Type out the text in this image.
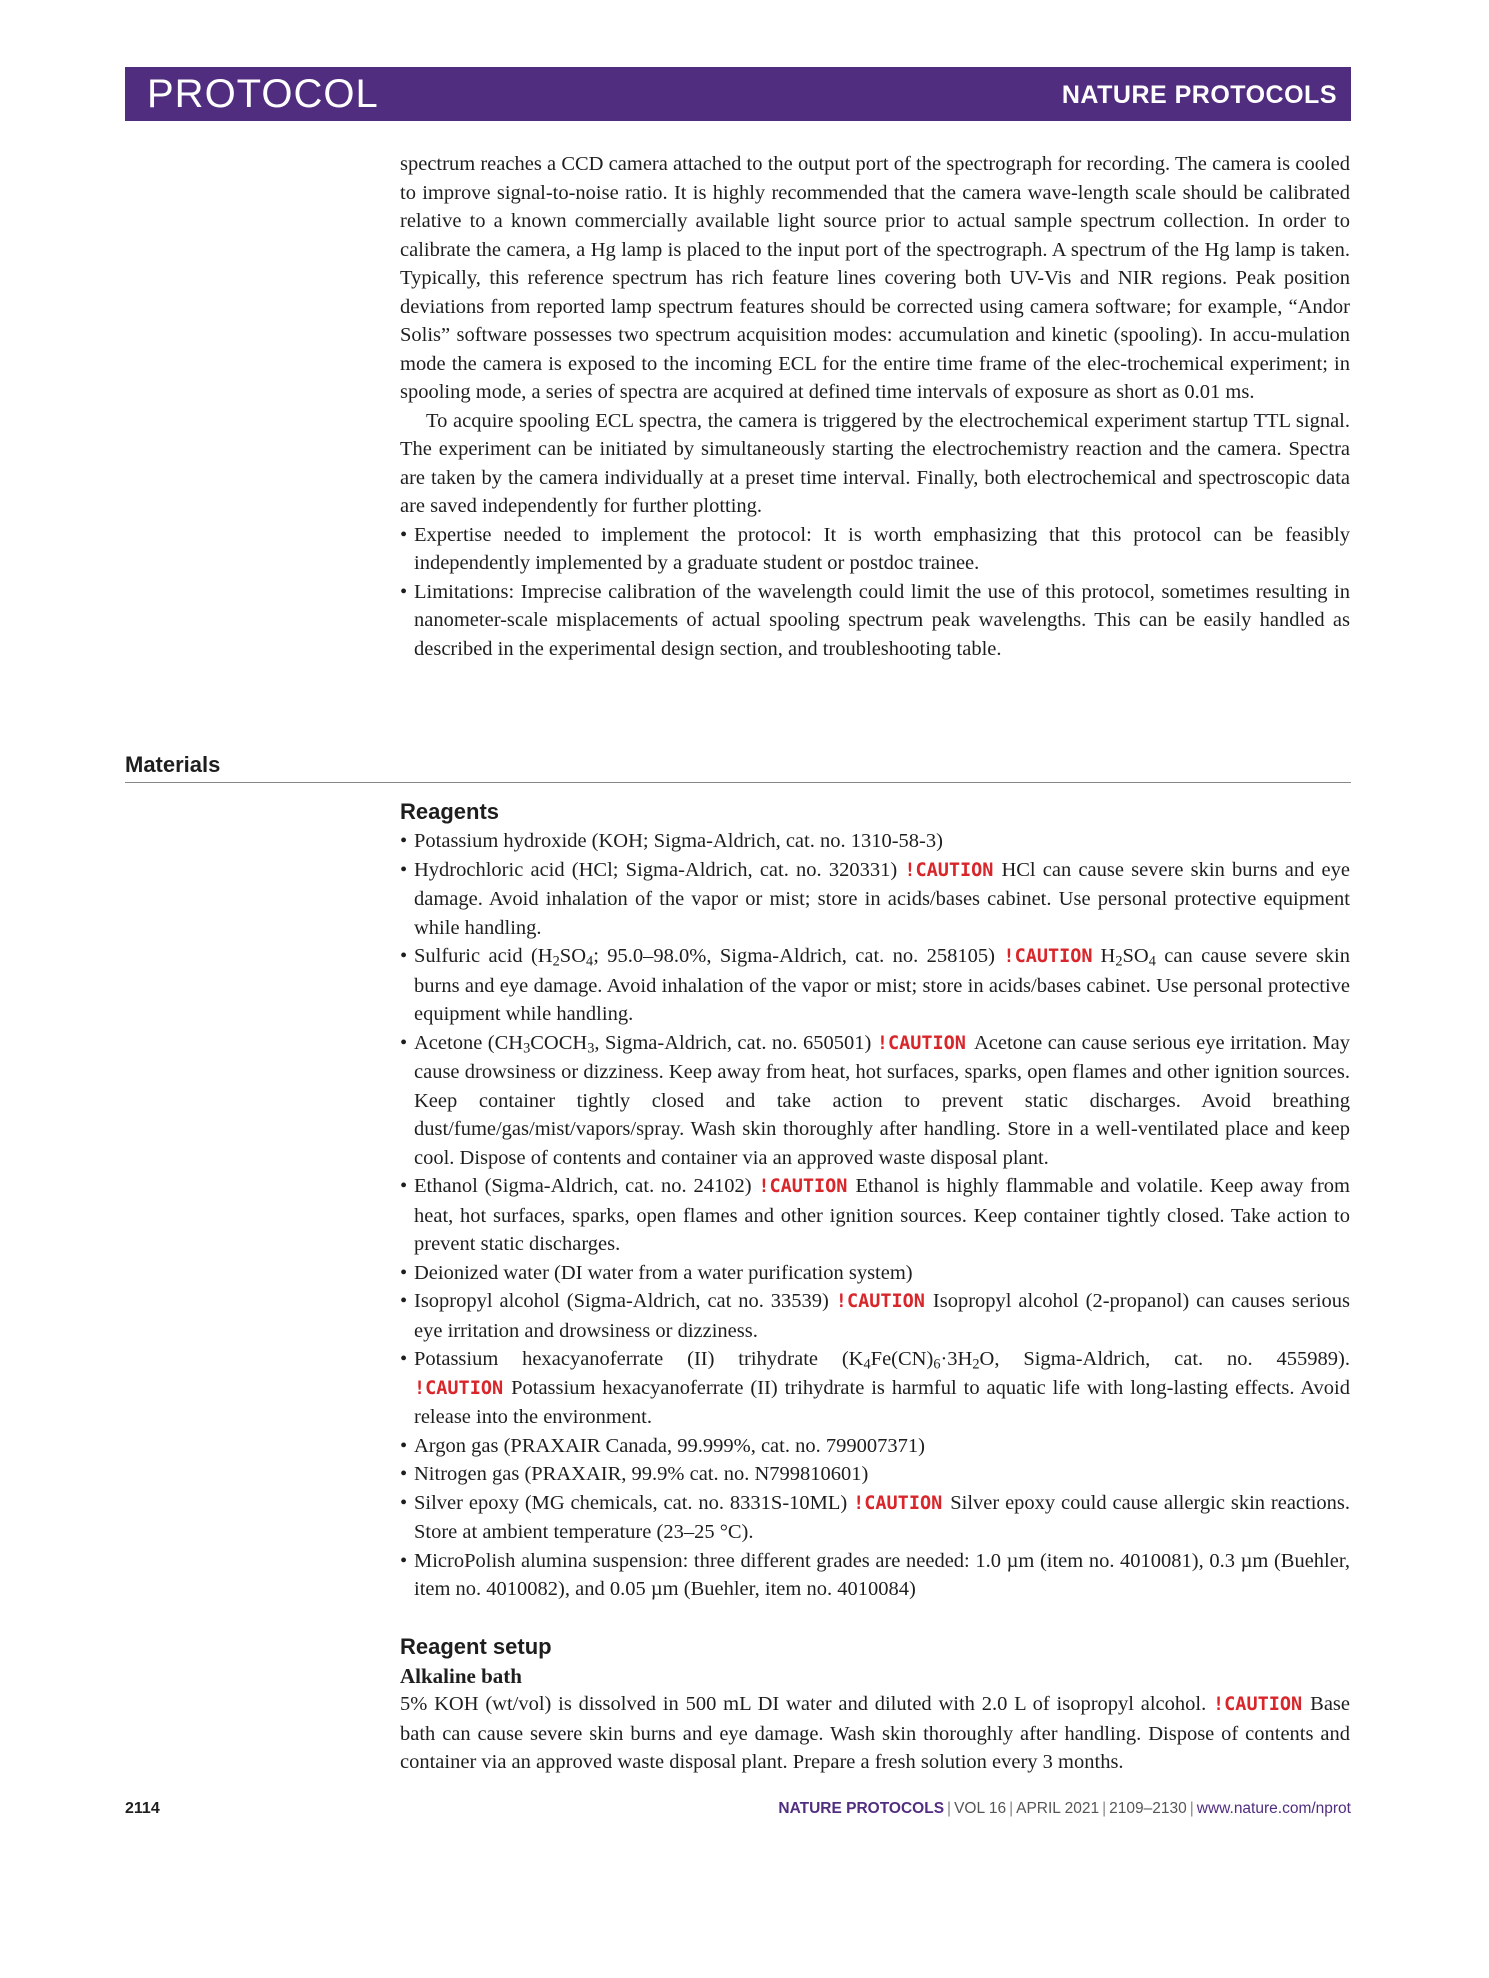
PROTOCOL	NATURE PROTOCOLS

spectrum reaches a CCD camera attached to the output port of the spectrograph for recording. The camera is cooled to improve signal-to-noise ratio. It is highly recommended that the camera wave-length scale should be calibrated relative to a known commercially available light source prior to actual sample spectrum collection. In order to calibrate the camera, a Hg lamp is placed to the input port of the spectrograph. A spectrum of the Hg lamp is taken. Typically, this reference spectrum has rich feature lines covering both UV-Vis and NIR regions. Peak position deviations from reported lamp spectrum features should be corrected using camera software; for example, “Andor Solis” software possesses two spectrum acquisition modes: accumulation and kinetic (spooling). In accu-mulation mode the camera is exposed to the incoming ECL for the entire time frame of the elec-trochemical experiment; in spooling mode, a series of spectra are acquired at defined time intervals of exposure as short as 0.01 ms.

To acquire spooling ECL spectra, the camera is triggered by the electrochemical experiment startup TTL signal. The experiment can be initiated by simultaneously starting the electrochemistry reaction and the camera. Spectra are taken by the camera individually at a preset time interval. Finally, both electrochemical and spectroscopic data are saved independently for further plotting.

• Expertise needed to implement the protocol: It is worth emphasizing that this protocol can be feasibly independently implemented by a graduate student or postdoc trainee.
• Limitations: Imprecise calibration of the wavelength could limit the use of this protocol, sometimes resulting in nanometer-scale misplacements of actual spooling spectrum peak wavelengths. This can be easily handled as described in the experimental design section, and troubleshooting table.
Materials
Reagents
• Potassium hydroxide (KOH; Sigma-Aldrich, cat. no. 1310-58-3)
• Hydrochloric acid (HCl; Sigma-Aldrich, cat. no. 320331) !CAUTION HCl can cause severe skin burns and eye damage. Avoid inhalation of the vapor or mist; store in acids/bases cabinet. Use personal protective equipment while handling.
• Sulfuric acid ($H_2SO_4$; 95.0–98.0%, Sigma-Aldrich, cat. no. 258105) !CAUTION $H_2SO_4$ can cause severe skin burns and eye damage. Avoid inhalation of the vapor or mist; store in acids/bases cabinet. Use personal protective equipment while handling.
• Acetone ($CH_3COCH_3$, Sigma-Aldrich, cat. no. 650501) !CAUTION Acetone can cause serious eye irritation. May cause drowsiness or dizziness. Keep away from heat, hot surfaces, sparks, open flames and other ignition sources. Keep container tightly closed and take action to prevent static discharges. Avoid breathing dust/fume/gas/mist/vapors/spray. Wash skin thoroughly after handling. Store in a well-ventilated place and keep cool. Dispose of contents and container via an approved waste disposal plant.
• Ethanol (Sigma-Aldrich, cat. no. 24102) !CAUTION Ethanol is highly flammable and volatile. Keep away from heat, hot surfaces, sparks, open flames and other ignition sources. Keep container tightly closed. Take action to prevent static discharges.
• Deionized water (DI water from a water purification system)
• Isopropyl alcohol (Sigma-Aldrich, cat no. 33539) !CAUTION Isopropyl alcohol (2-propanol) can causes serious eye irritation and drowsiness or dizziness.
• Potassium hexacyanoferrate (II) trihydrate ($K_4Fe(CN)_6\cdot 3H_2O$, Sigma-Aldrich, cat. no. 455989). !CAUTION Potassium hexacyanoferrate (II) trihydrate is harmful to aquatic life with long-lasting effects. Avoid release into the environment.
• Argon gas (PRAXAIR Canada, 99.999%, cat. no. 799007371)
• Nitrogen gas (PRAXAIR, 99.9% cat. no. N799810601)
• Silver epoxy (MG chemicals, cat. no. 8331S-10ML) !CAUTION Silver epoxy could cause allergic skin reactions. Store at ambient temperature (23–25 °C).
• MicroPolish alumina suspension: three different grades are needed: 1.0 µm (item no. 4010081), 0.3 µm (Buehler, item no. 4010082), and 0.05 µm (Buehler, item no. 4010084)
Reagent setup
Alkaline bath

5% KOH (wt/vol) is dissolved in 500 mL DI water and diluted with 2.0 L of isopropyl alcohol. !CAUTION Base bath can cause severe skin burns and eye damage. Wash skin thoroughly after handling. Dispose of contents and container via an approved waste disposal plant. Prepare a fresh solution every 3 months.

2114	NATURE PROTOCOLS | VOL 16 | APRIL 2021 | 2109–2130 | www.nature.com/nprot
